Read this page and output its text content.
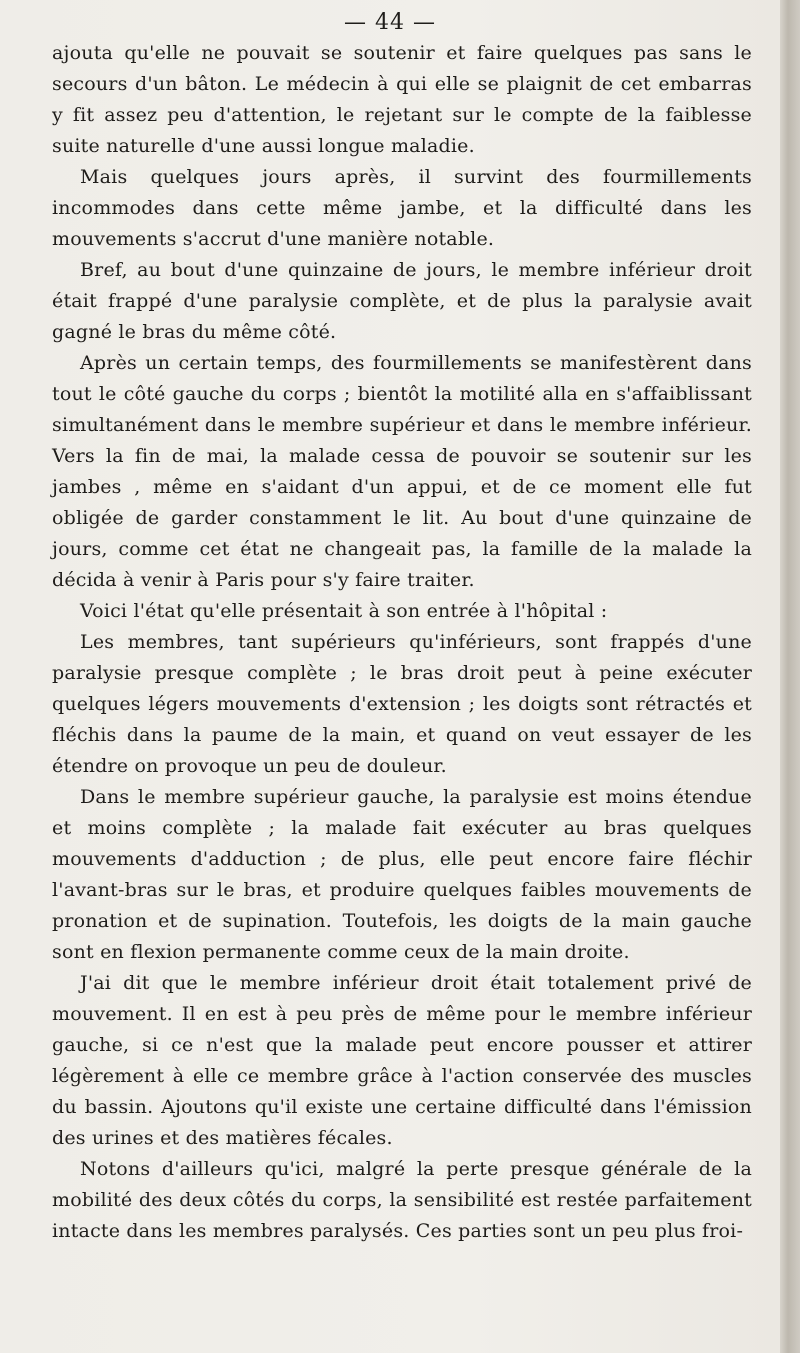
— 44 —

ajouta qu'elle ne pouvait se soutenir et faire quelques pas sans le secours d'un bâton. Le médecin à qui elle se plaignit de cet embarras y fit assez peu d'attention, le rejetant sur le compte de la faiblesse suite naturelle d'une aussi longue maladie.

Mais quelques jours après, il survint des fourmillements incommodes dans cette même jambe, et la difficulté dans les mouvements s'accrut d'une manière notable.

Bref, au bout d'une quinzaine de jours, le membre inférieur droit était frappé d'une paralysie complète, et de plus la paralysie avait gagné le bras du même côté.

Après un certain temps, des fourmillements se manifestèrent dans tout le côté gauche du corps ; bientôt la motilité alla en s'affaiblissant simultanément dans le membre supérieur et dans le membre inférieur. Vers la fin de mai, la malade cessa de pouvoir se soutenir sur les jambes , même en s'aidant d'un appui, et de ce moment elle fut obligée de garder constamment le lit. Au bout d'une quinzaine de jours, comme cet état ne changeait pas, la famille de la malade la décida à venir à Paris pour s'y faire traiter.

Voici l'état qu'elle présentait à son entrée à l'hôpital :

Les membres, tant supérieurs qu'inférieurs, sont frappés d'une paralysie presque complète ; le bras droit peut à peine exécuter quelques légers mouvements d'extension ; les doigts sont rétractés et fléchis dans la paume de la main, et quand on veut essayer de les étendre on provoque un peu de douleur.

Dans le membre supérieur gauche, la paralysie est moins étendue et moins complète ; la malade fait exécuter au bras quelques mouvements d'adduction ; de plus, elle peut encore faire fléchir l'avant-bras sur le bras, et produire quelques faibles mouvements de pronation et de supination. Toutefois, les doigts de la main gauche sont en flexion permanente comme ceux de la main droite.

J'ai dit que le membre inférieur droit était totalement privé de mouvement. Il en est à peu près de même pour le membre inférieur gauche, si ce n'est que la malade peut encore pousser et attirer légèrement à elle ce membre grâce à l'action conservée des muscles du bassin. Ajoutons qu'il existe une certaine difficulté dans l'émission des urines et des matières fécales.

Notons d'ailleurs qu'ici, malgré la perte presque générale de la mobilité des deux côtés du corps, la sensibilité est restée parfaitement intacte dans les membres paralysés. Ces parties sont un peu plus froi-
